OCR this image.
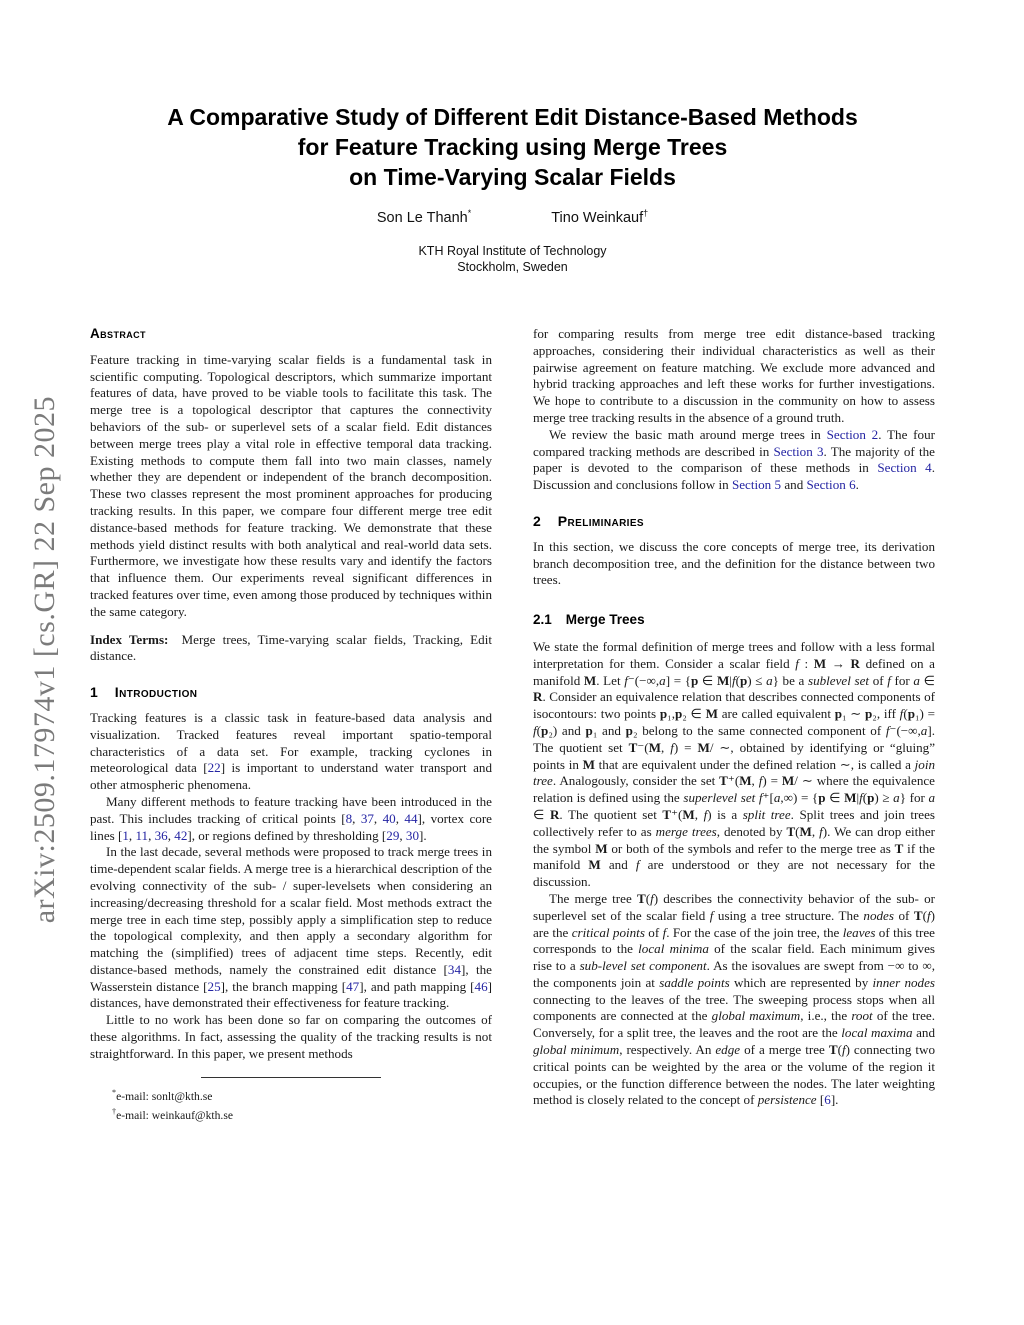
arXiv:2509.17974v1 [cs.GR] 22 Sep 2025
A Comparative Study of Different Edit Distance-Based Methods
for Feature Tracking using Merge Trees
on Time-Varying Scalar Fields
Son Le Thanh*	Tino Weinkauf†
KTH Royal Institute of Technology
Stockholm, Sweden
Abstract

Feature tracking in time-varying scalar fields is a fundamental task in scientific computing. Topological descriptors, which summarize important features of data, have proved to be viable tools to facilitate this task. The merge tree is a topological descriptor that captures the connectivity behaviors of the sub- or superlevel sets of a scalar field. Edit distances between merge trees play a vital role in effective temporal data tracking. Existing methods to compute them fall into two main classes, namely whether they are dependent or independent of the branch decomposition. These two classes represent the most prominent approaches for producing tracking results. In this paper, we compare four different merge tree edit distance-based methods for feature tracking. We demonstrate that these methods yield distinct results with both analytical and real-world data sets. Furthermore, we investigate how these results vary and identify the factors that influence them. Our experiments reveal significant differences in tracked features over time, even among those produced by techniques within the same category.

Index Terms: Merge trees, Time-varying scalar fields, Tracking, Edit distance.

1 Introduction

Tracking features is a classic task in feature-based data analysis and visualization. Tracked features reveal important spatio-temporal characteristics of a data set. For example, tracking cyclones in meteorological data [22] is important to understand water transport and other atmospheric phenomena.

Many different methods to feature tracking have been introduced in the past. This includes tracking of critical points [8, 37, 40, 44], vortex core lines [1, 11, 36, 42], or regions defined by thresholding [29, 30].

In the last decade, several methods were proposed to track merge trees in time-dependent scalar fields. A merge tree is a hierarchical description of the evolving connectivity of the sub- / super-levelsets when considering an increasing/decreasing threshold for a scalar field. Most methods extract the merge tree in each time step, possibly apply a simplification step to reduce the topological complexity, and then apply a secondary algorithm for matching the (simplified) trees of adjacent time steps. Recently, edit distance-based methods, namely the constrained edit distance [34], the Wasserstein distance [25], the branch mapping [47], and path mapping [46] distances, have demonstrated their effectiveness for feature tracking.

Little to no work has been done so far on comparing the outcomes of these algorithms. In fact, assessing the quality of the tracking results is not straightforward. In this paper, we present methods

*e-mail: sonlt@kth.se
†e-mail: weinkauf@kth.se

for comparing results from merge tree edit distance-based tracking approaches, considering their individual characteristics as well as their pairwise agreement on feature matching. We exclude more advanced and hybrid tracking approaches and left these works for further investigations. We hope to contribute to a discussion in the community on how to assess merge tree tracking results in the absence of a ground truth.

We review the basic math around merge trees in Section 2. The four compared tracking methods are described in Section 3. The majority of the paper is devoted to the comparison of these methods in Section 4. Discussion and conclusions follow in Section 5 and Section 6.

2 Preliminaries

In this section, we discuss the core concepts of merge tree, its derivation branch decomposition tree, and the definition for the distance between two trees.

2.1 Merge Trees

We state the formal definition of merge trees and follow with a less formal interpretation for them. Consider a scalar field f : M → R defined on a manifold M. Let f⁻(−∞,a] = {p ∈ M|f(p) ≤ a} be a sublevel set of f for a ∈ R. Consider an equivalence relation that describes connected components of isocontours: two points p₁,p₂ ∈ M are called equivalent p₁ ∼ p₂, iff f(p₁) = f(p₂) and p₁ and p₂ belong to the same connected component of f⁻(−∞,a]. The quotient set T⁻(M, f) = M/ ∼, obtained by identifying or “gluing” points in M that are equivalent under the defined relation ∼, is called a join tree. Analogously, consider the set T⁺(M, f) = M/ ∼ where the equivalence relation is defined using the superlevel set f⁺[a,∞) = {p ∈ M|f(p) ≥ a} for a ∈ R. The quotient set T⁺(M, f) is a split tree. Split trees and join trees collectively refer to as merge trees, denoted by T(M, f). We can drop either the symbol M or both of the symbols and refer to the merge tree as T if the manifold M and f are understood or they are not necessary for the discussion.

The merge tree T(f) describes the connectivity behavior of the sub- or superlevel set of the scalar field f using a tree structure. The nodes of T(f) are the critical points of f. For the case of the join tree, the leaves of this tree corresponds to the local minima of the scalar field. Each minimum gives rise to a sub-level set component. As the isovalues are swept from −∞ to ∞, the components join at saddle points which are represented by inner nodes connecting to the leaves of the tree. The sweeping process stops when all components are connected at the global maximum, i.e., the root of the tree. Conversely, for a split tree, the leaves and the root are the local maxima and global minimum, respectively. An edge of a merge tree T(f) connecting two critical points can be weighted by the area or the volume of the region it occupies, or the function difference between the nodes. The later weighting method is closely related to the concept of persistence [6].
